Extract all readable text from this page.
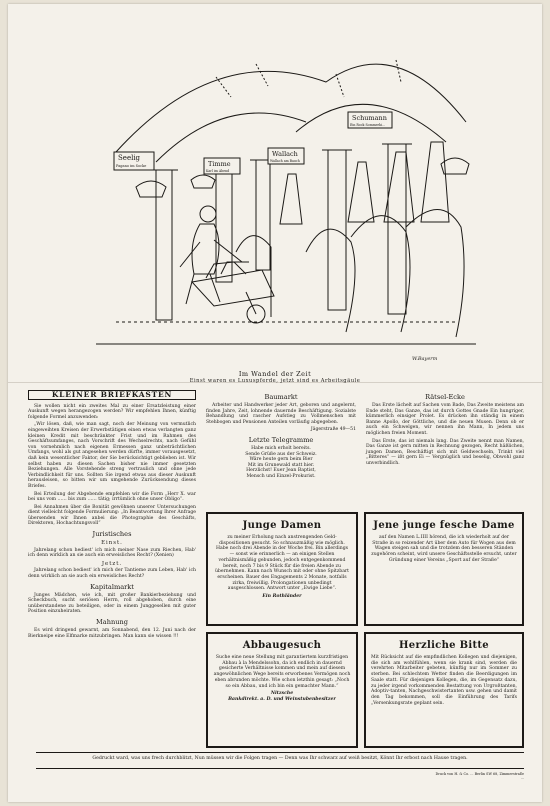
Seelig
Pagano im Socke	Timme
Karl im Abend
Wallach
Wallach am Bauch
Schumann
Ein Rock Sommerhi...
W.Bayerm
Im Wandel der Zeit
Einst waren es Luxuspferde, jetzt sind es Arbeitsgäule
KLEINER BRIEFKASTEN

Sie wollen nicht ein zweites Mal zu einer Ersatzleistung einer Auskunft wegen herangezogen werden? Wir empfehlen Ihnen, künftig folgende Formel anzuwenden:

„Wir lösen, daß, wie man sagt, noch der Meinung von vermutlich eingeweihten Kreisen der Erwerbstätigen einen etwas verlangten ganz kleinen Kredit mit beschränkter Frist und im Rahmen des Geschäftsumfanges, nach Vorschrift des Wechselrechts, nach Gefühl von vornehmlich nach eigenen Ermessen ganz unbeträchtlichen Umfangs, wohl als gut angesehen werden dürfte, immer vorausgesetzt, daß kein wesentlicher Faktor, der Sie berücksichtigt geblieben ist. Wir selbst haben zu diesen Sachen bisher nie immer gesetzten Beziehungen. Alle Vorstehende streng vertraulich und ohne jede Verbindlichkeit für uns. Sollten Sie irgend etwas aus dieser Auskunft herausleisen, so bitten wir um umgehende Zurücksendung dieses Briefes.

Bei Erteilung der Abgebende empfehlen wir die Form „Herr X. war bei uns vom …… bis zum …… tätig; irrtümlich ohne unser Obligo“.

Bei Annahmen über die Bonität gewöhnen unserer Untersuchungen dient vielleicht folgende Formulierung: „In Beantwortung Ihrer Anfrage übersenden wir Ihnen anbei die Photographie des Geschäfts, Direktoren, Hochachtungsvoll“

Juristisches
Einst.

Jahrelang schon hediest' ich mich meiner Nase zum Riechen, Hab' ich denn wirklich an sie auch ein erweisliches Recht? (Xenien)

Jetzt.

Jahrelang schon bediest' ich mich der Tantieme zum Leben, Hab' ich denn wirklich an sie auch ein erweisliches Recht?

Kapitalmarkt

Junges Mädchen, wie ich, mit großer Bankierbeziehung und Scheckbuch, sucht seriösen Herrn, roll abgehoben, durch eine unüberstandene zu beteiligen, oder in einem Junggesellen mit guter Position einzuheiraten.

Mahnung

Es wird dringend gewarnt, am Sonnabend, den 12. Juni nach der Bierkneipe eine Elfmarke mitzubringen. Man kann sie wissen !!!

Baumarkt

Arbeiter und Handwerker jeder Art, geboren und angelernt, finden Jahre, Zeit, lohnende dauernde Beschäftigung. Sozialste Behandlung und rascher Aufstieg zu Vollmenschen mit Stehbogen und Pensionen Anteilen vorläufig abgegeben.

Jägerstraße 49—51

Letzte Telegramme
Habe mich erholt bereits.
Sende Grüße aus der Schweiz.
Wäre heute gern beim Bier
Mit im Grunewald statt hier.
Herzlichst! Euer Jean Baptist,
Mensch und Einzel-Prokurist.
Rätsel-Ecke

Das Erste lächelt auf Sachen vom Bade, Das Zweite meistens am Ende steht, Das Ganze, das ist durch Gottes Gnade Ein hungriger, kümmerlich einsiger Prolet. Es drücken ihn ständig in einem Banne Apollo, der Göttliche, und die neuen Musen. Denn ob er auch ein Schwelgen, wir nennen ihn Mann, In jedem uns möglichen freien Moment.

Das Erste, das ist niemals lang. Das Zweite nennt man Namen, Das Ganze ist gern mitten in Rechnung gezogen, Recht häßlichen, jungen Damen, Beschäftigt sich mit Geldwechseln, Trinkt viel „Bitteres“ — ißt gern Ei — Vergnüglich und beselig, Obwohl ganz unverbindlich.

Junge Damen
zu meiner Erholung nach anstrengenden Geld-dispositionen gesucht. So schnauzmäßig wie möglich. Habe noch drei Abende in der Woche frei. Bin allerdings — sonst wie erinnerlich — an einigen Stellen verhältnismäßig gebunden, jedoch entgegenkommend bereit, noch 7 bis 9 Stück für die freien Abende zu übernehmen. Kann nach Wunsch mit oder ohne Spitzbart erscheinen. Bauer des Engagements 2 Monate, notfalls zirka, freiwillig. Prolongationen unbedingt ausgeschlossen. Antwort unter „Ewige Liebe“.
Ein Rothländer
Jene junge fesche Dame
auf den Namen L.IIII hörend, die ich wiederholt auf der Straße in so reizender Art über dem Auto für Wogen aus dem Wagen steigen sah und die trotzdem den besseren Ständen zugehören scheint, wird unsere Geschäftsstelle ersucht, unter Gründung einer Vereins „Sport auf der Straße“
Abbaugesuch
Suche eine neue Stellung mit garantiertem kurzfristigen Abbau à la Mendelssohn, da ich endlich in dauernd gesicherte Verhältnisse kommen und mein auf diesem angewöhnlichen Wege bereits erworbenes Vermögen noch eben abrunden möchte. Wie schon letzthin gesagt: „Noch so ein Abbau, und ich bin ein gemachter Mann.“
Nitzsche
Bankdirekt. a. D. und Weinstubenbesitzer
Herzliche Bitte
Mit Rücksicht auf die empfindlichen Kollegen und diejenigen, die sich am wohlfühlen, wenn sie krank sind, werden die verehrten Mitarbeiter gebeten, künftig nur im Sommer zu sterben. Bei schlechtem Wetter finden die Beerdigungen im Saale statt. Für diejenigen Kollegen, die, im Gegensatz dazu, zu jeder irgend vorkommenden Bestattung von Urgroßtanten, Adoptiv-tanten, Nachgeschwistertanten usw. gehen und damit den Tag bekommen, soll die Einführung des Tarifs „Versenkungsrate geplant sein.
Gedruckt ward, was uns frech durchblitzt, Nun müssen wir die Folgen tragen — Denn was Ihr schwarz auf weiß besitzt, Könnt Ihr erbost nach Hause tragen.
Druck von H. & Co. ... Berlin SW 68, Zimmerstraße ...
